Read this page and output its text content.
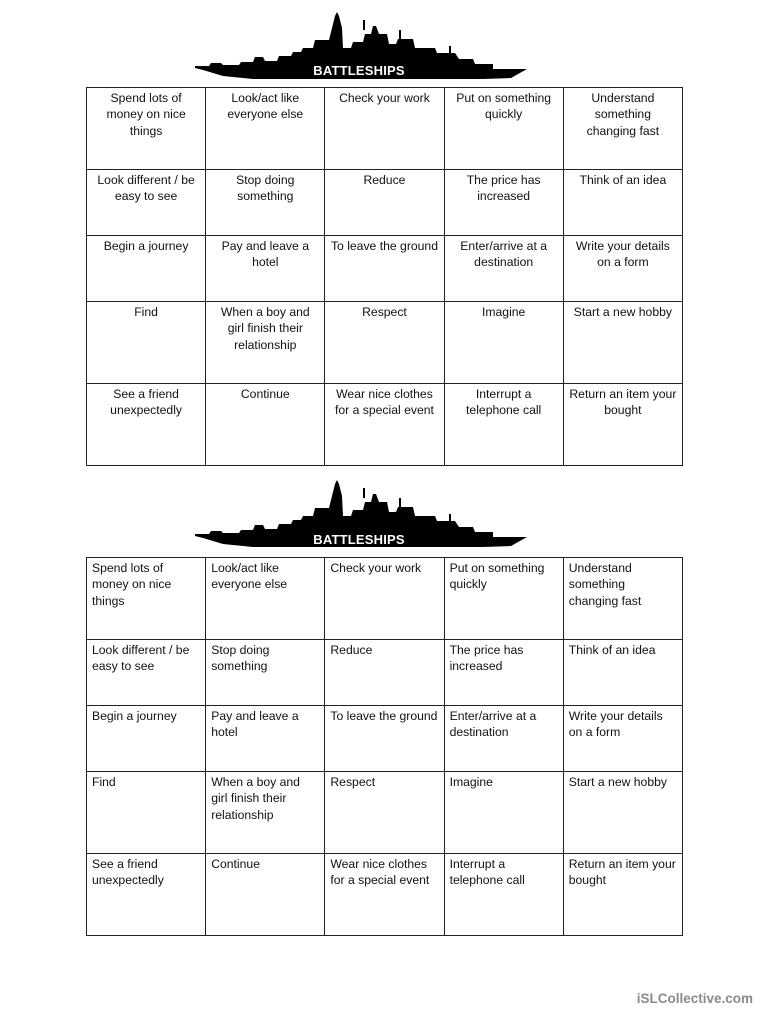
BATTLESHIPS
Spend lots of money on nice things	Look/act like everyone else	Check your work	Put on something quickly	Understand something changing fast
Look different / be easy to see	Stop doing something	Reduce	The price has increased	Think of an idea
Begin a journey	Pay and leave a hotel	To leave the ground	Enter/arrive at a destination	Write your details on a form
Find	When a boy and girl finish their relationship	Respect	Imagine	Start a new hobby
See a friend unexpectedly	Continue	Wear nice clothes for a special event	Interrupt a telephone call	Return an item your bought
BATTLESHIPS
Spend lots of money on nice things	Look/act like everyone else	Check your work	Put on something quickly	Understand something changing fast
Look different / be easy to see	Stop doing something	Reduce	The price has increased	Think of an idea
Begin a journey	Pay and leave a hotel	To leave the ground	Enter/arrive at a destination	Write your details on a form
Find	When a boy and girl finish their relationship	Respect	Imagine	Start a new hobby
See a friend unexpectedly	Continue	Wear nice clothes for a special event	Interrupt a telephone call	Return an item your bought
iSLCollective.com
